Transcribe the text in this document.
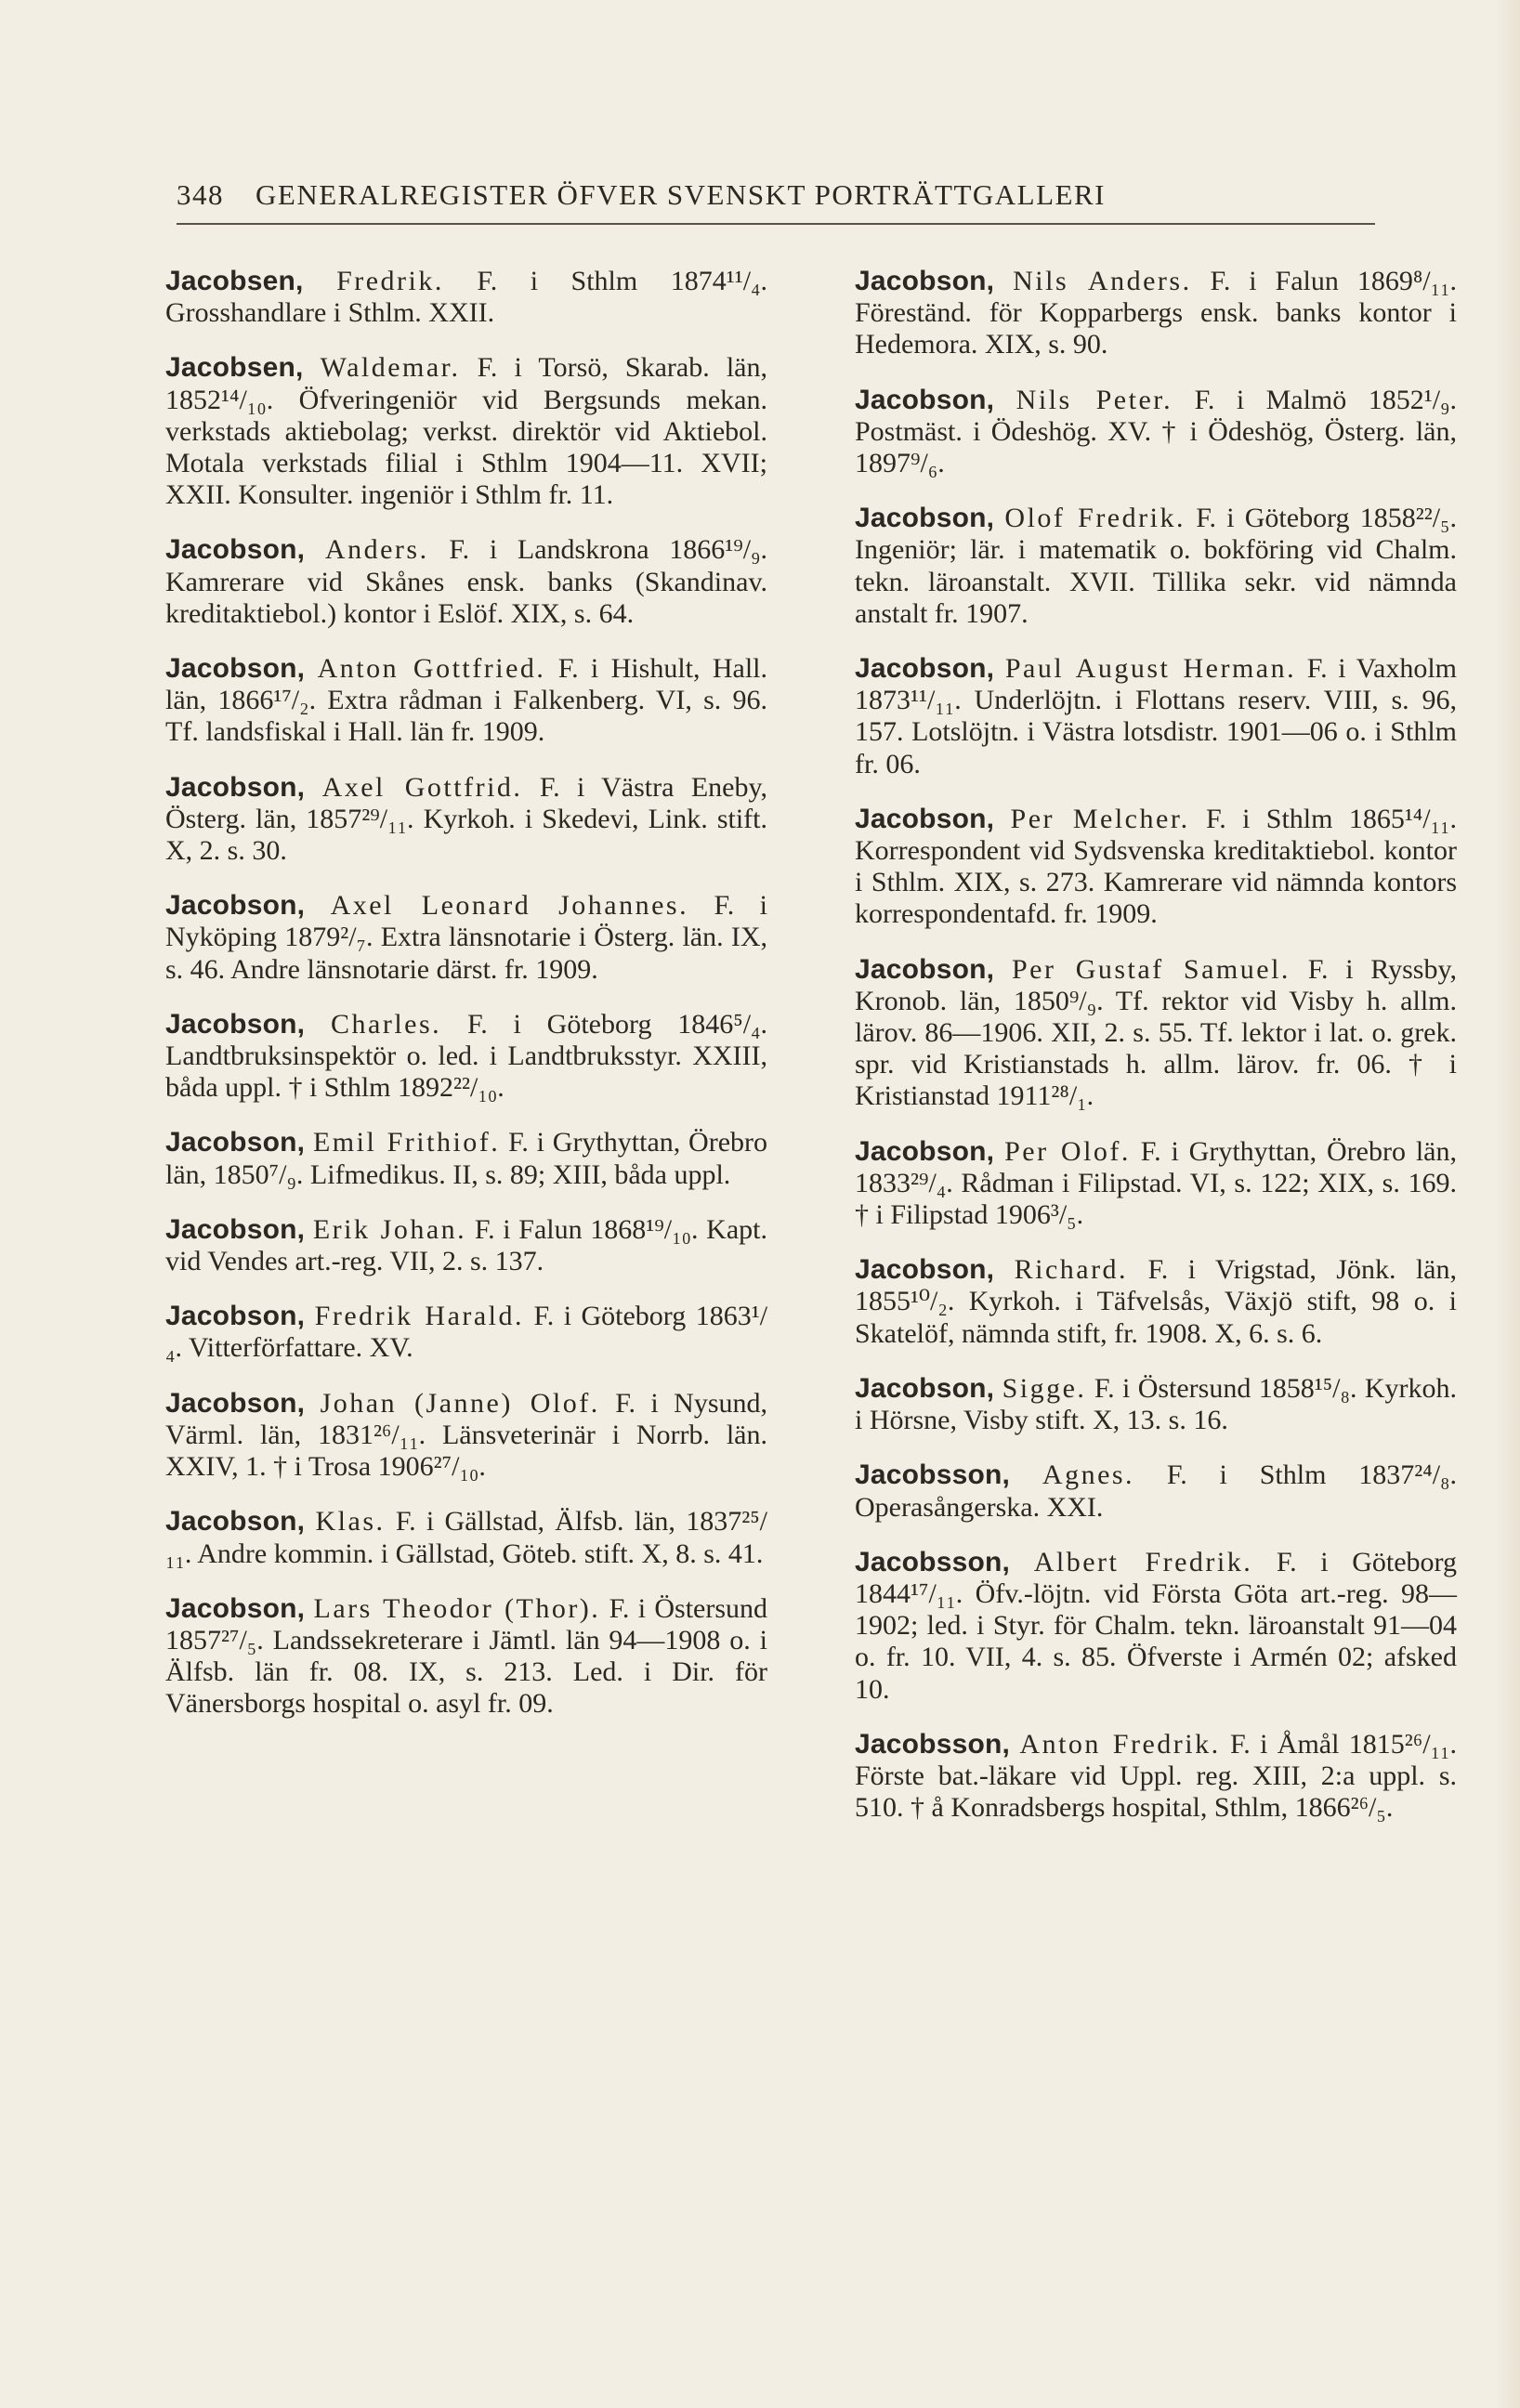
348 GENERALREGISTER ÖFVER SVENSKT PORTRÄTTGALLERI

Jacobsen, Fredrik. F. i Sthlm 1874¹¹/₄. Grosshandlare i Sthlm. XXII.

Jacobsen, Waldemar. F. i Torsö, Skarab. län, 1852¹⁴/₁₀. Öfveringeniör vid Bergsunds mekan. verkstads aktiebolag; verkst. direktör vid Aktiebol. Motala verkstads filial i Sthlm 1904—11. XVII; XXII. Konsulter. ingeniör i Sthlm fr. 11.

Jacobson, Anders. F. i Landskrona 1866¹⁹/₉. Kamrerare vid Skånes ensk. banks (Skandinav. kreditaktiebol.) kontor i Eslöf. XIX, s. 64.

Jacobson, Anton Gottfried. F. i Hishult, Hall. län, 1866¹⁷/₂. Extra rådman i Falkenberg. VI, s. 96. Tf. landsfiskal i Hall. län fr. 1909.

Jacobson, Axel Gottfrid. F. i Västra Eneby, Österg. län, 1857²⁹/₁₁. Kyrkoh. i Skedevi, Link. stift. X, 2. s. 30.

Jacobson, Axel Leonard Johannes. F. i Nyköping 1879²/₇. Extra länsnotarie i Österg. län. IX, s. 46. Andre länsnotarie därst. fr. 1909.

Jacobson, Charles. F. i Göteborg 1846⁵/₄. Landtbruksinspektör o. led. i Landtbruksstyr. XXIII, båda uppl. † i Sthlm 1892²²/₁₀.

Jacobson, Emil Frithiof. F. i Grythyttan, Örebro län, 1850⁷/₉. Lifmedikus. II, s. 89; XIII, båda uppl.

Jacobson, Erik Johan. F. i Falun 1868¹⁹/₁₀. Kapt. vid Vendes art.-reg. VII, 2. s. 137.

Jacobson, Fredrik Harald. F. i Göteborg 1863¹/₄. Vitterförfattare. XV.

Jacobson, Johan (Janne) Olof. F. i Nysund, Värml. län, 1831²⁶/₁₁. Länsveterinär i Norrb. län. XXIV, 1. † i Trosa 1906²⁷/₁₀.

Jacobson, Klas. F. i Gällstad, Älfsb. län, 1837²⁵/₁₁. Andre kommin. i Gällstad, Göteb. stift. X, 8. s. 41.

Jacobson, Lars Theodor (Thor). F. i Östersund 1857²⁷/₅. Landssekreterare i Jämtl. län 94—1908 o. i Älfsb. län fr. 08. IX, s. 213. Led. i Dir. för Vänersborgs hospital o. asyl fr. 09.

Jacobson, Nils Anders. F. i Falun 1869⁸/₁₁. Föreständ. för Kopparbergs ensk. banks kontor i Hedemora. XIX, s. 90.

Jacobson, Nils Peter. F. i Malmö 1852¹/₉. Postmäst. i Ödeshög. XV. † i Ödeshög, Österg. län, 1897⁹/₆.

Jacobson, Olof Fredrik. F. i Göteborg 1858²²/₅. Ingeniör; lär. i matematik o. bokföring vid Chalm. tekn. läroanstalt. XVII. Tillika sekr. vid nämnda anstalt fr. 1907.

Jacobson, Paul August Herman. F. i Vaxholm 1873¹¹/₁₁. Underlöjtn. i Flottans reserv. VIII, s. 96, 157. Lotslöjtn. i Västra lotsdistr. 1901—06 o. i Sthlm fr. 06.

Jacobson, Per Melcher. F. i Sthlm 1865¹⁴/₁₁. Korrespondent vid Sydsvenska kreditaktiebol. kontor i Sthlm. XIX, s. 273. Kamrerare vid nämnda kontors korrespondentafd. fr. 1909.

Jacobson, Per Gustaf Samuel. F. i Ryssby, Kronob. län, 1850⁹/₉. Tf. rektor vid Visby h. allm. lärov. 86—1906. XII, 2. s. 55. Tf. lektor i lat. o. grek. spr. vid Kristianstads h. allm. lärov. fr. 06. † i Kristianstad 1911²⁸/₁.

Jacobson, Per Olof. F. i Grythyttan, Örebro län, 1833²⁹/₄. Rådman i Filipstad. VI, s. 122; XIX, s. 169. † i Filipstad 1906³/₅.

Jacobson, Richard. F. i Vrigstad, Jönk. län, 1855¹⁰/₂. Kyrkoh. i Täfvelsås, Växjö stift, 98 o. i Skatelöf, nämnda stift, fr. 1908. X, 6. s. 6.

Jacobson, Sigge. F. i Östersund 1858¹⁵/₈. Kyrkoh. i Hörsne, Visby stift. X, 13. s. 16.

Jacobsson, Agnes. F. i Sthlm 1837²⁴/₈. Operasångerska. XXI.

Jacobsson, Albert Fredrik. F. i Göteborg 1844¹⁷/₁₁. Öfv.-löjtn. vid Första Göta art.-reg. 98—1902; led. i Styr. för Chalm. tekn. läroanstalt 91—04 o. fr. 10. VII, 4. s. 85. Öfverste i Armén 02; afsked 10.

Jacobsson, Anton Fredrik. F. i Åmål 1815²⁶/₁₁. Förste bat.-läkare vid Uppl. reg. XIII, 2:a uppl. s. 510. † å Konradsbergs hospital, Sthlm, 1866²⁶/₅.
